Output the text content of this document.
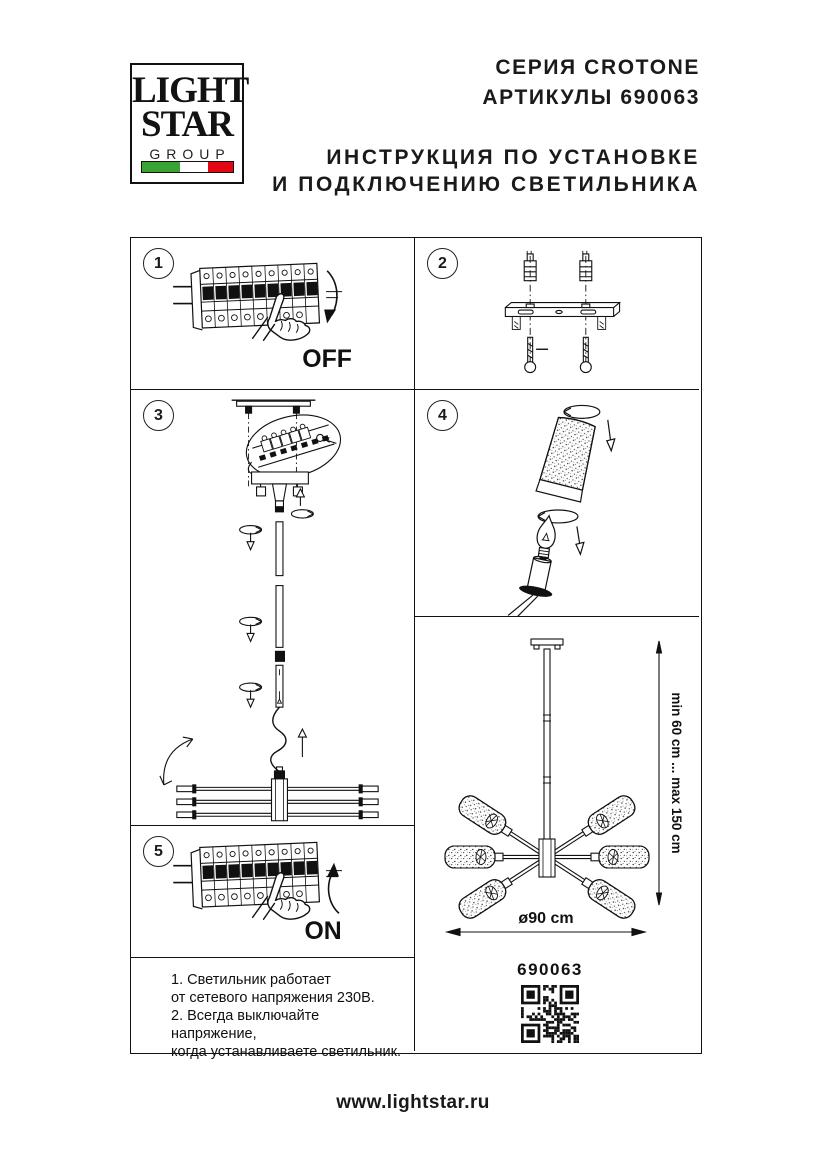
LIGHT
STAR
GROUP
СЕРИЯ CROTONE
АРТИКУЛЫ 690063
ИНСТРУКЦИЯ ПО УСТАНОВКЕ
И ПОДКЛЮЧЕНИЮ СВЕТИЛЬНИКА
1
OFF
2
3	4
min 60 cm ... max 150 cm
ø90 cm
690063
5
ON
1. Светильник работает
от сетевого напряжения 230В.
2. Всегда выключайте напряжение,
когда устанавливаете светильник.
www.lightstar.ru
